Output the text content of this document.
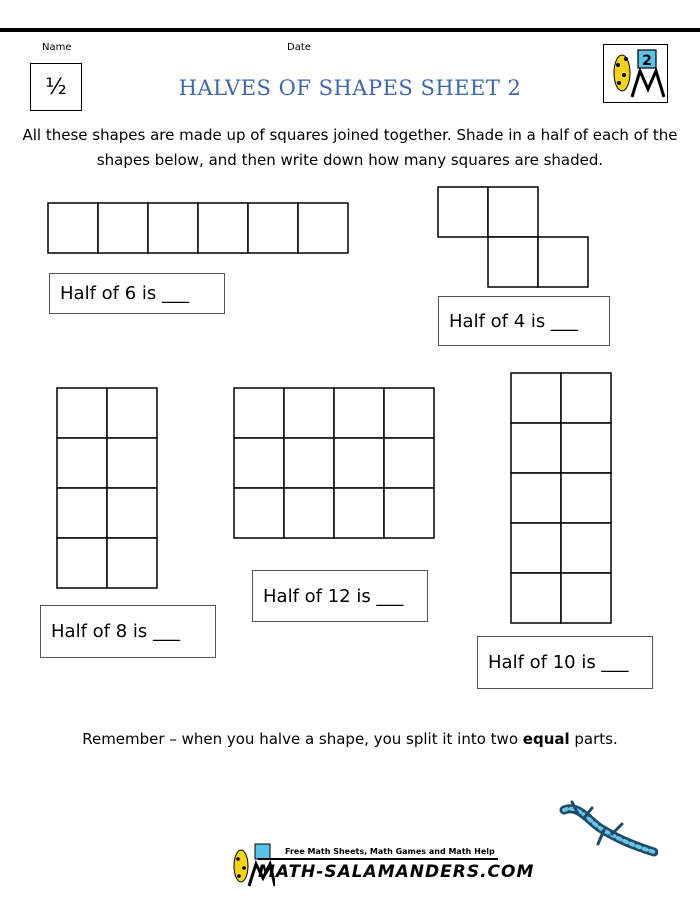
Name	Date
½	HALVES OF SHAPES SHEET 2
2
All these shapes are made up of squares joined together. Shade in a half of each of the shapes below, and then write down how many squares are shaded.
Half of 6 is ___
Half of 4 is ___
Half of 8 is ___
Half of 12 is ___
Half of 10 is ___
Remember – when you halve a shape, you split it into two equal parts.
Free Math Sheets, Math Games and Math Help
MATH-SALAMANDERS.COM
